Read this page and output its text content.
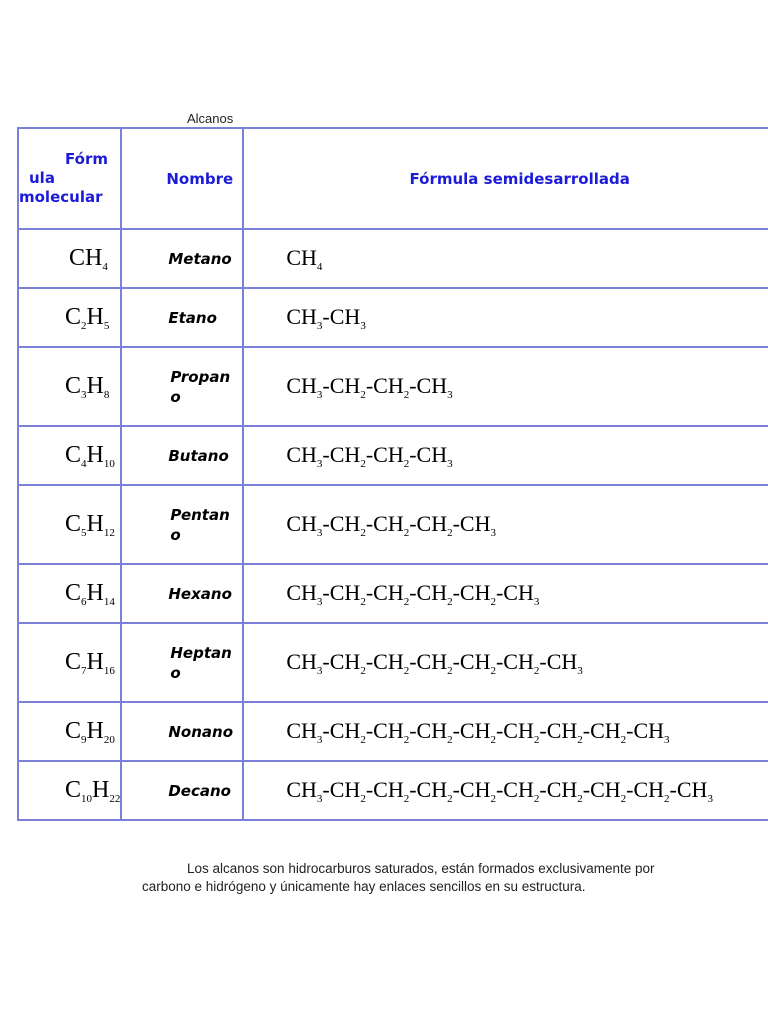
Alcanos
Fórm
ula
molecular	Nombre	Fórmula semidesarrollada
$CH_4$	Metano	$CH_4$
$C_2H_5$	Etano	$CH_3-CH_3$
$C_3H_8$	Propan o	$CH_3-CH_2-CH_2-CH_3$
$C_4H_{10}$	Butano	$CH_3-CH_2-CH_2-CH_3$
$C_5H_{12}$	Pentan o	$CH_3-CH_2-CH_2-CH_2-CH_3$
$C_6H_{14}$	Hexano	$CH_3-CH_2-CH_2-CH_2-CH_2-CH_3$
$C_7H_{16}$	Heptan o	$CH_3-CH_2-CH_2-CH_2-CH_2-CH_2-CH_3$
$C_9H_{20}$	Nonano	$CH_3-CH_2-CH_2-CH_2-CH_2-CH_2-CH_2-CH_2-CH_3$
$C_{10}H_{22}$	Decano	$CH_3-CH_2-CH_2-CH_2-CH_2-CH_2-CH_2-CH_2-CH_2-CH_3$
Los alcanos son hidrocarburos saturados, están formados exclusivamente por carbono e hidrógeno y únicamente hay enlaces sencillos en su estructura.
